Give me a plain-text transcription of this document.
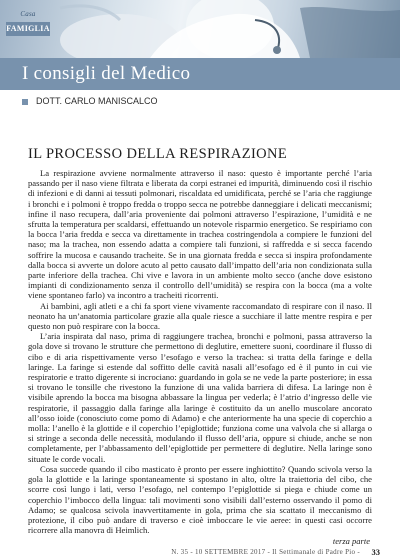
Casa
FAMIGLIA
I consigli del Medico
DOTT. CARLO MANISCALCO
IL PROCESSO DELLA RESPIRAZIONE

La respirazione avviene normalmente attraverso il naso: questo è importante perché l’aria passando per il naso viene filtrata e liberata da corpi estranei ed impurità, diminuendo così il rischio di infezioni e di danni ai tessuti polmonari, riscaldata ed umidificata, perché se l’aria che raggiunge i bronchi e i polmoni è troppo fredda o troppo secca ne potrebbe danneggiare i delicati meccanismi; infine il naso recupera, dall’aria proveniente dai polmoni attraverso l’espirazione, l’umidità e ne sfrutta la temperatura per scaldarsi, effettuando un notevole risparmio energetico. Se respiriamo con la bocca l’aria fredda e secca va direttamente in trachea costringendola a compiere le funzioni del naso; ma la trachea, non essendo adatta a compiere tali funzioni, si raffredda e si secca facendo soffrire la mucosa e causando tracheite. Se in una giornata fredda e secca si inspira profondamente dalla bocca si avverte un dolore acuto al petto causato dall’impatto dell’aria non condizionata sulla parte inferiore della trachea. Chi vive e lavora in un ambiente molto secco (anche dove esistono impianti di condizionamento senza il controllo dell’umidità) se respira con la bocca (ma a volte viene spontaneo farlo) va incontro a tracheiti ricorrenti.

Ai bambini, agli atleti e a chi fa sport viene vivamente raccomandato di respirare con il naso. Il neonato ha un’anatomia particolare grazie alla quale riesce a succhiare il latte mentre respira e per questo non può respirare con la bocca.

L’aria inspirata dal naso, prima di raggiungere trachea, bronchi e polmoni, passa attraverso la gola dove si trovano le strutture che permettono di deglutire, emettere suoni, coordinare il flusso di cibo e di aria rispettivamente verso l’esofago e verso la trachea: si tratta della faringe e della laringe. La faringe si estende dal soffitto delle cavità nasali all’esofago ed è il punto in cui vie respiratorie e tratto digerente si incrociano: guardando in gola se ne vede la parte posteriore; in essa si trovano le tonsille che rivestono la funzione di una valida barriera di difesa. La laringe non è visibile aprendo la bocca ma bisogna abbassare la lingua per vederla; è l’atrio d’ingresso delle vie respiratorie, il passaggio dalla faringe alla laringe è costituito da un anello muscolare ancorato all’osso ioide (conosciuto come pomo di Adamo) e che anteriormente ha una specie di coperchio a molla: l’anello è la glottide e il coperchio l’epiglottide; funziona come una valvola che si allarga o si stringe a seconda delle necessità, modulando il flusso dell’aria, oppure si chiude, anche se non completamente, per l’abbassamento dell’epiglottide per permettere di deglutire. Nella laringe sono situate le corde vocali.

Cosa succede quando il cibo masticato è pronto per essere inghiottito? Quando scivola verso la gola la glottide e la laringe spontaneamente si spostano in alto, oltre la traiettoria del cibo, che scorre così lungo i lati, verso l’esofago, nel contempo l’epiglottide si piega e chiude come un coperchio l’imbocco della lingua: tali movimenti sono visibili dall’esterno osservando il pomo di Adamo; se qualcosa scivola inavvertitamente in gola, prima che sia scattato il meccanismo di protezione, il cibo può andare di traverso e cioè imboccare le vie aeree: in questi casi occorre ricorrere alla manovra di Heimlich.

terza parte
N. 35 - 10 SETTEMBRE 2017 - Il Settimanale di Padre Pio - 33
